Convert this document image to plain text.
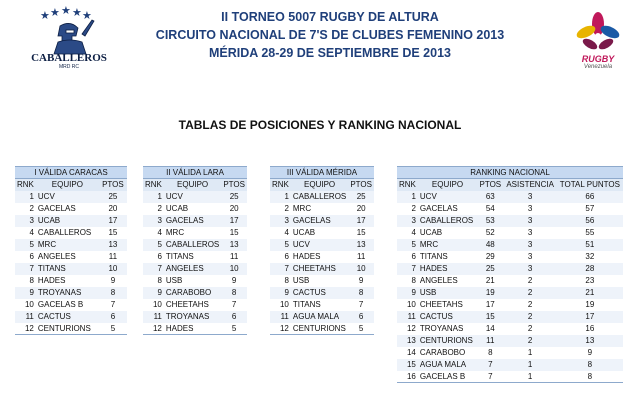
★ ★ ★ ★ ★
CABALLEROS
MRD RC
RUGBY
Venezuela
II TORNEO 5007 RUGBY DE ALTURA
CIRCUITO NACIONAL DE 7'S DE CLUBES FEMENINO 2013
MÉRIDA 28-29 DE SEPTIEMBRE DE 2013
TABLAS DE POSICIONES Y RANKING NACIONAL
I VÁLIDA CARACAS		
RNK	EQUIPO	PTOS
1	UCV	25
2	GACELAS	20
3	UCAB	17
4	CABALLEROS	15
5	MRC	13
6	ANGELES	11
7	TITANS	10
8	HADES	9
9	TROYANAS	8
10	GACELAS B	7
11	CACTUS	6
12	CENTURIONS	5
II VÁLIDA LARA		
RNK	EQUIPO	PTOS
1	UCV	25
2	UCAB	20
3	GACELAS	17
4	MRC	15
5	CABALLEROS	13
6	TITANS	11
7	ANGELES	10
8	USB	9
9	CARABOBO	8
10	CHEETAHS	7
11	TROYANAS	6
12	HADES	5
III VÁLIDA MÉRIDA		
RNK	EQUIPO	PTOS
1	CABALLEROS	25
2	MRC	20
3	GACELAS	17
4	UCAB	15
5	UCV	13
6	HADES	11
7	CHEETAHS	10
8	USB	9
9	CACTUS	8
10	TITANS	7
11	AGUA MALA	6
12	CENTURIONS	5
RANKING NACIONAL				
RNK	EQUIPO	PTOS	ASISTENCIA	TOTAL PUNTOS
1	UCV	63	3	66
2	GACELAS	54	3	57
3	CABALLEROS	53	3	56
4	UCAB	52	3	55
5	MRC	48	3	51
6	TITANS	29	3	32
7	HADES	25	3	28
8	ANGELES	21	2	23
9	USB	19	2	21
10	CHEETAHS	17	2	19
11	CACTUS	15	2	17
12	TROYANAS	14	2	16
13	CENTURIONS	11	2	13
14	CARABOBO	8	1	9
15	AGUA MALA	7	1	8
16	GACELAS B	7	1	8
